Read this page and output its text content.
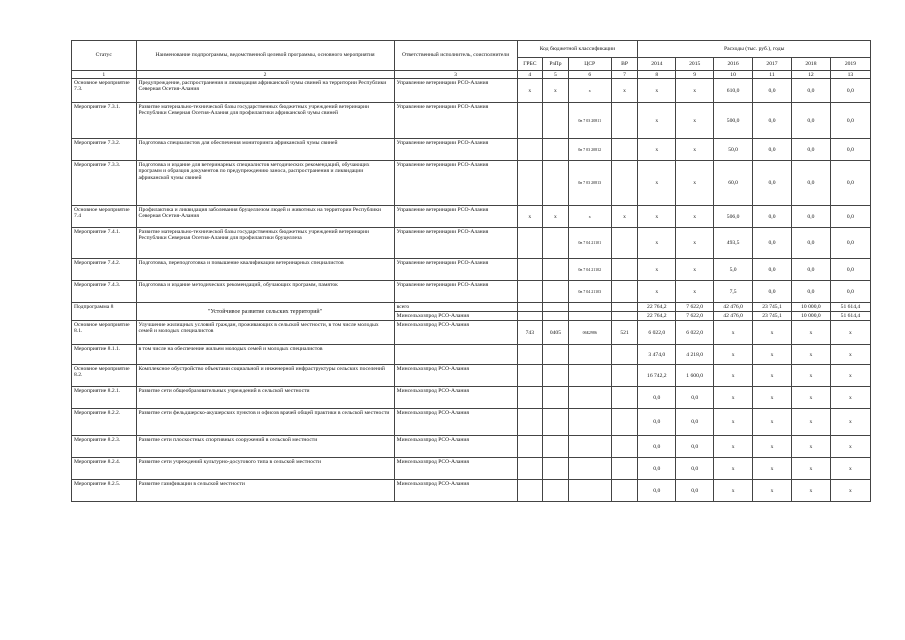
Статус	Наименование подпрограммы, ведомственной целевой программы, основного мероприятия	Ответственный исполнитель, соисполнители	Код бюджетной классификации				Расходы (тыс. руб.), годы					
			ГРБС	РзПр	ЦСР	ВР	2014	2015	2016	2017	2018	2019
1	2	3	4	5	6	7	8	9	10	11	12	13
Основное мероприятие 7.3.	Предупреждение, распространения и ликвидация африканской чумы свиней на территории Республики Северная Осетия-Алания	Управление ветеринарии РСО-Алания	х	х	х	х	х	х	610,0	0,0	0,0	0,0
Мероприятие 7.3.1.	Развитие материально-технической базы государственных бюджетных учреждений ветеринарии Республики Северная Осетия-Алания для профилактики африканской чумы свиней	Управление ветеринарии РСО-Алания			0в 7 03 20811		х	х	500,0	0,0	0,0	0,0
Мероприятие 7.3.2.	Подготовка специалистов для обеспечения мониторинга африканской чумы свиней	Управление ветеринарии РСО-Алания			0в 7 03 20812		х	х	50,0	0,0	0,0	0,0
Мероприятие 7.3.3.	Подготовка и издание для ветеринарных специалистов методических рекомендаций, обучающих программ и образцов документов по предупреждению заноса, распространения и ликвидации африканской чумы свиней	Управление ветеринарии РСО-Алания			0в 7 03 20813		х	х	60,0	0,0	0,0	0,0
Основное мероприятие 7.4	Профилактика и ликвидация заболевания бруцеллезом людей и животных на территории Республики Северная Осетия-Алания	Управление ветеринарии РСО-Алания	х	х	х	х	х	х	506,0	0,0	0,0	0,0
Мероприятие 7.4.1.	Развитие материально-технической базы государственных бюджетных учреждений ветеринарии Республики Северная Осетия-Алания для профилактики бруцеллеза	Управление ветеринарии РСО-Алания			0в 7 04 21101		х	х	493,5	0,0	0,0	0,0
Мероприятие 7.4.2.	Подготовка, переподготовка и повышение квалификации ветеринарных специалистов	Управление ветеринарии РСО-Алания			0в 7 04 21102		х	х	5,0	0,0	0,0	0,0
Мероприятие 7.4.3.	Подготовка и издание методических рекомендаций, обучающих программ, памяток	Управление ветеринарии РСО-Алания			0в 7 04 21103		х	х	7,5	0,0	0,0	0,0
Подпрограмма 8	"Устойчивое развитие сельских территорий"	всего					22 764,2	7 622,0	42 476,0	23 745,1	10 000,0	51 614,4
		Минсельхозпрод РСО-Алания					22 764,2	7 622,0	42 476,0	23 745,1	10 000,0	51 614,4
Основное мероприятие 8.1.	Улучшение жилищных условий граждан, проживающих в сельской местности, в том числе молодых семей и молодых специалистов	Минсельхозпрод РСО-Алания	743	0405	06Б2986	521	6 022,0	6 022,0	х	х	х	х
Мероприятие 8.1.1.	в том числе на обеспечение жильем молодых семей и молодых специалистов						3 474,0	4 218,0	х	х	х	х
Основное мероприятие 8.2.	Комплексное обустройство объектами социальной и инженерной инфраструктуры сельских поселений	Минсельхозпрод РСО-Алания					16 742,2	1 600,0	х	х	х	х
Мероприятие 8.2.1.	Развитие сети общеобразовательных учреждений в сельской местности	Минсельхозпрод РСО-Алания					0,0	0,0	х	х	х	х
Мероприятие 8.2.2.	Развитие сети фельдшерско-акушерских пунктов и офисов врачей общей практики в сельской местности	Минсельхозпрод РСО-Алания					0,0	0,0	х	х	х	х
Мероприятие 8.2.3.	Развитие сети плоскостных спортивных сооружений в сельской местности	Минсельхозпрод РСО-Алания					0,0	0,0	х	х	х	х
Мероприятие 8.2.4.	Развитие сети учреждений культурно-досугового типа в сельской местности	Минсельхозпрод РСО-Алания					0,0	0,0	х	х	х	х
Мероприятие 8.2.5.	Развитие газификации в сельской местности	Минсельхозпрод РСО-Алания					0,0	0,0	х	х	х	х
